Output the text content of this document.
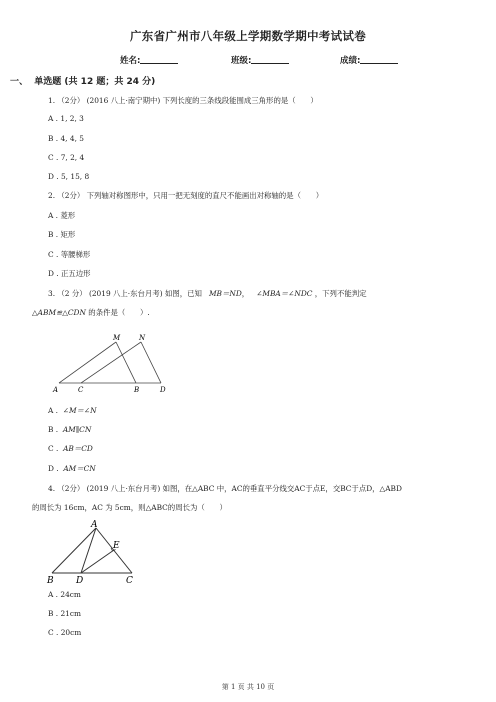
广东省广州市八年级上学期数学期中考试试卷
姓名:	班级:	成绩:
一、 单选题 (共 12 题；共 24 分)
1. （2分） (2016 八上·南宁期中) 下列长度的三条线段能围成三角形的是（　　）
A . 1, 2, 3
B . 4, 4, 5
C . 7, 2, 4
D . 5, 15, 8
2. （2分） 下列轴对称图形中，只用一把无刻度的直尺不能画出对称轴的是（　　）
A . 菱形
B . 矩形
C . 等腰梯形
D . 正五边形
3. （2 分） (2019 八上·东台月考) 如图，已知 MB＝ND， ∠MBA＝∠NDC ，下列不能判定
△ABM≌△CDN 的条件是（　　）.
A	C	B	D
M	N
A . ∠M＝∠N
B . AM∥CN
C . AB＝CD
D . AM＝CN
4. （2分） (2019 八上·东台月考) 如图，在△ABC 中，AC的垂直平分线交AC于点E，交BC于点D，△ABD
的周长为 16cm，AC 为 5cm，则△ABC的周长为（　　）
A
B D	C
E
A . 24cm
B . 21cm
C . 20cm
第 1 页 共 10 页
